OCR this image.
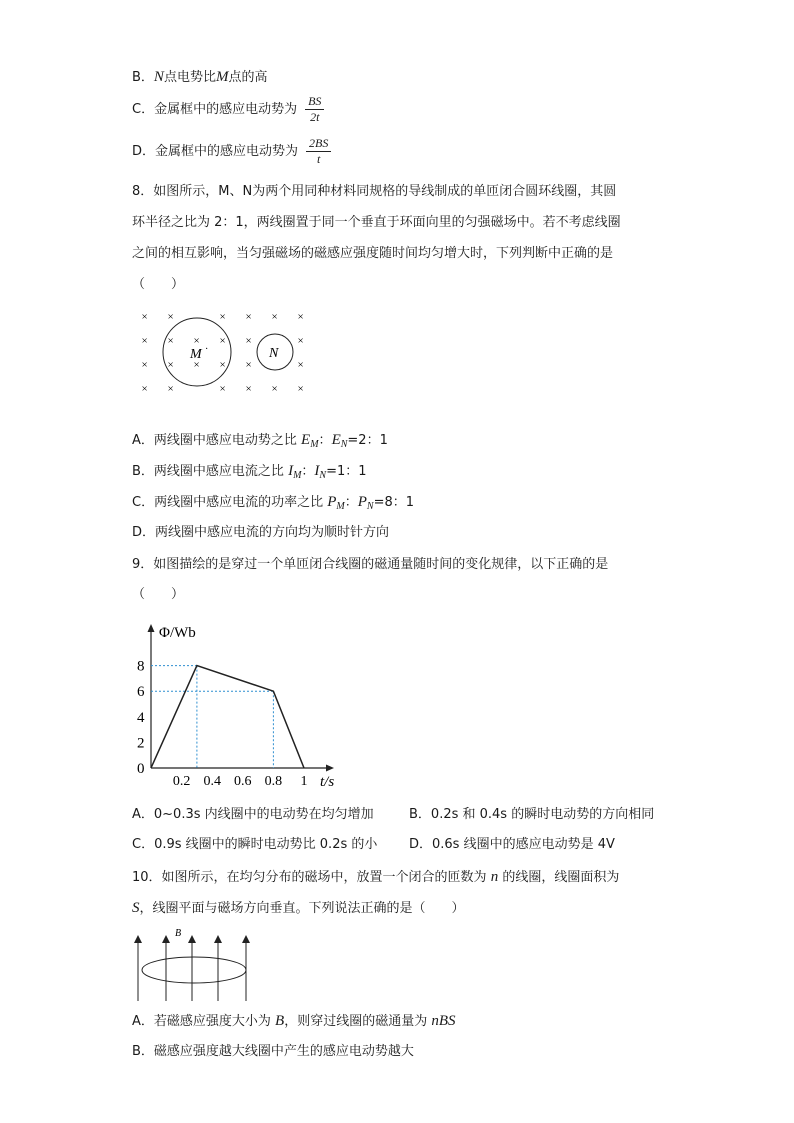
B．N点电势比M点的高
C．金属框中的感应电动势为 $\frac{BS}{2t}$
D．金属框中的感应电动势为 $\frac{2BS}{t}$
8．如图所示，M、N为两个用同种材料同规格的导线制成的单匝闭合圆环线圈，其圆
环半径之比为 2：1，两线圈置于同一个垂直于环面向里的匀强磁场中。若不考虑线圈
之间的相互影响，当匀强磁场的磁感应强度随时间均匀增大时，下列判断中正确的是
（　　）
M ·	N
× ×	× × × ×
× × × × ×	×
× × × × ×	×
× ×	× × × ×
A．两线圈中感应电动势之比 $E_M$：$E_N=2$：1
B．两线圈中感应电流之比 $I_M$：$I_N=1$：1
C．两线圈中感应电流的功率之比 $P_M$：$P_N=8$：1
D．两线圈中感应电流的方向均为顺时针方向
9．如图描绘的是穿过一个单匝闭合线圈的磁通量随时间的变化规律，以下正确的是
（　　）
Φ/Wb
t/s
0
2
4
6
8
0.2 0.4 0.6 0.8 1
A．0~0.3s 内线圈中的电动势在均匀增加	B．0.2s 和 0.4s 的瞬时电动势的方向相同
C．0.9s 线圈中的瞬时电动势比 0.2s 的小 D．0.6s 线圈中的感应电动势是 4V
10．如图所示，在均匀分布的磁场中，放置一个闭合的匝数为 n 的线圈，线圈面积为
S，线圈平面与磁场方向垂直。下列说法正确的是（　　）
B
A．若磁感应强度大小为 B，则穿过线圈的磁通量为 nBS
B．磁感应强度越大线圈中产生的感应电动势越大
